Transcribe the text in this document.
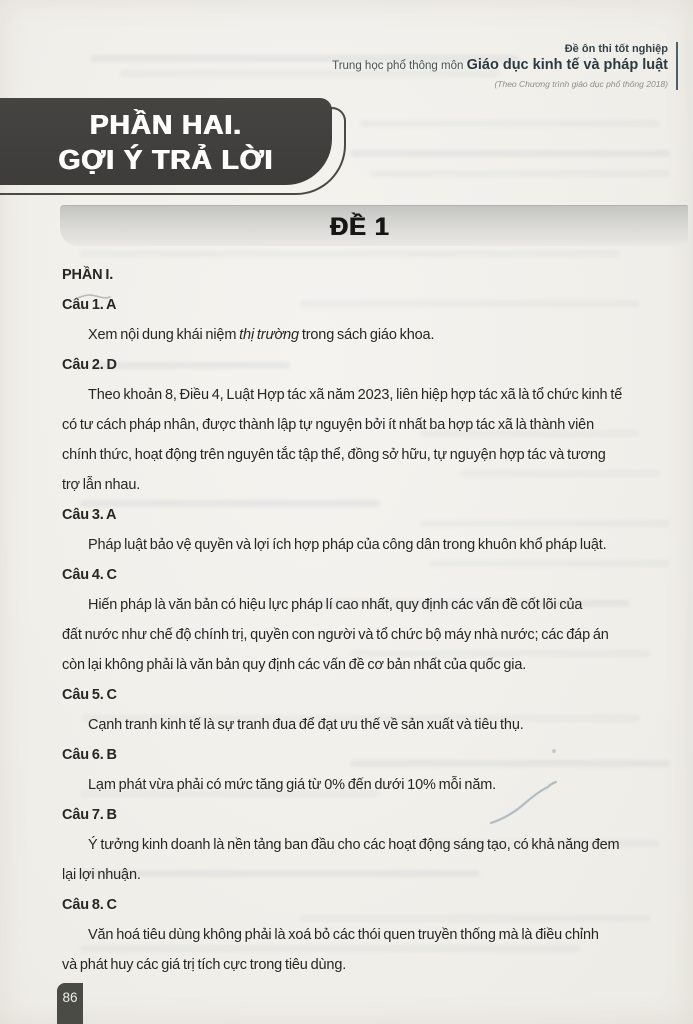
Đề ôn thi tốt nghiệp
Trung học phổ thông môn Giáo dục kinh tế và pháp luật
(Theo Chương trình giáo dục phổ thông 2018)
PHẦN HAI.
GỢI Ý TRẢ LỜI
ĐỀ 1
PHẦN I.
Câu 1. A
Xem nội dung khái niệm thị trường trong sách giáo khoa.
Câu 2. D
Theo khoản 8, Điều 4, Luật Hợp tác xã năm 2023, liên hiệp hợp tác xã là tổ chức kinh tế
có tư cách pháp nhân, được thành lập tự nguyện bởi ít nhất ba hợp tác xã là thành viên
chính thức, hoạt động trên nguyên tắc tập thể, đồng sở hữu, tự nguyện hợp tác và tương
trợ lẫn nhau.
Câu 3. A
Pháp luật bảo vệ quyền và lợi ích hợp pháp của công dân trong khuôn khổ pháp luật.
Câu 4. C
Hiến pháp là văn bản có hiệu lực pháp lí cao nhất, quy định các vấn đề cốt lõi của
đất nước như chế độ chính trị, quyền con người và tổ chức bộ máy nhà nước; các đáp án
còn lại không phải là văn bản quy định các vấn đề cơ bản nhất của quốc gia.
Câu 5. C
Cạnh tranh kinh tế là sự tranh đua để đạt ưu thế về sản xuất và tiêu thụ.
Câu 6. B
Lạm phát vừa phải có mức tăng giá từ 0% đến dưới 10% mỗi năm.
Câu 7. B
Ý tưởng kinh doanh là nền tảng ban đầu cho các hoạt động sáng tạo, có khả năng đem
lại lợi nhuận.
Câu 8. C
Văn hoá tiêu dùng không phải là xoá bỏ các thói quen truyền thống mà là điều chỉnh
và phát huy các giá trị tích cực trong tiêu dùng.
86
